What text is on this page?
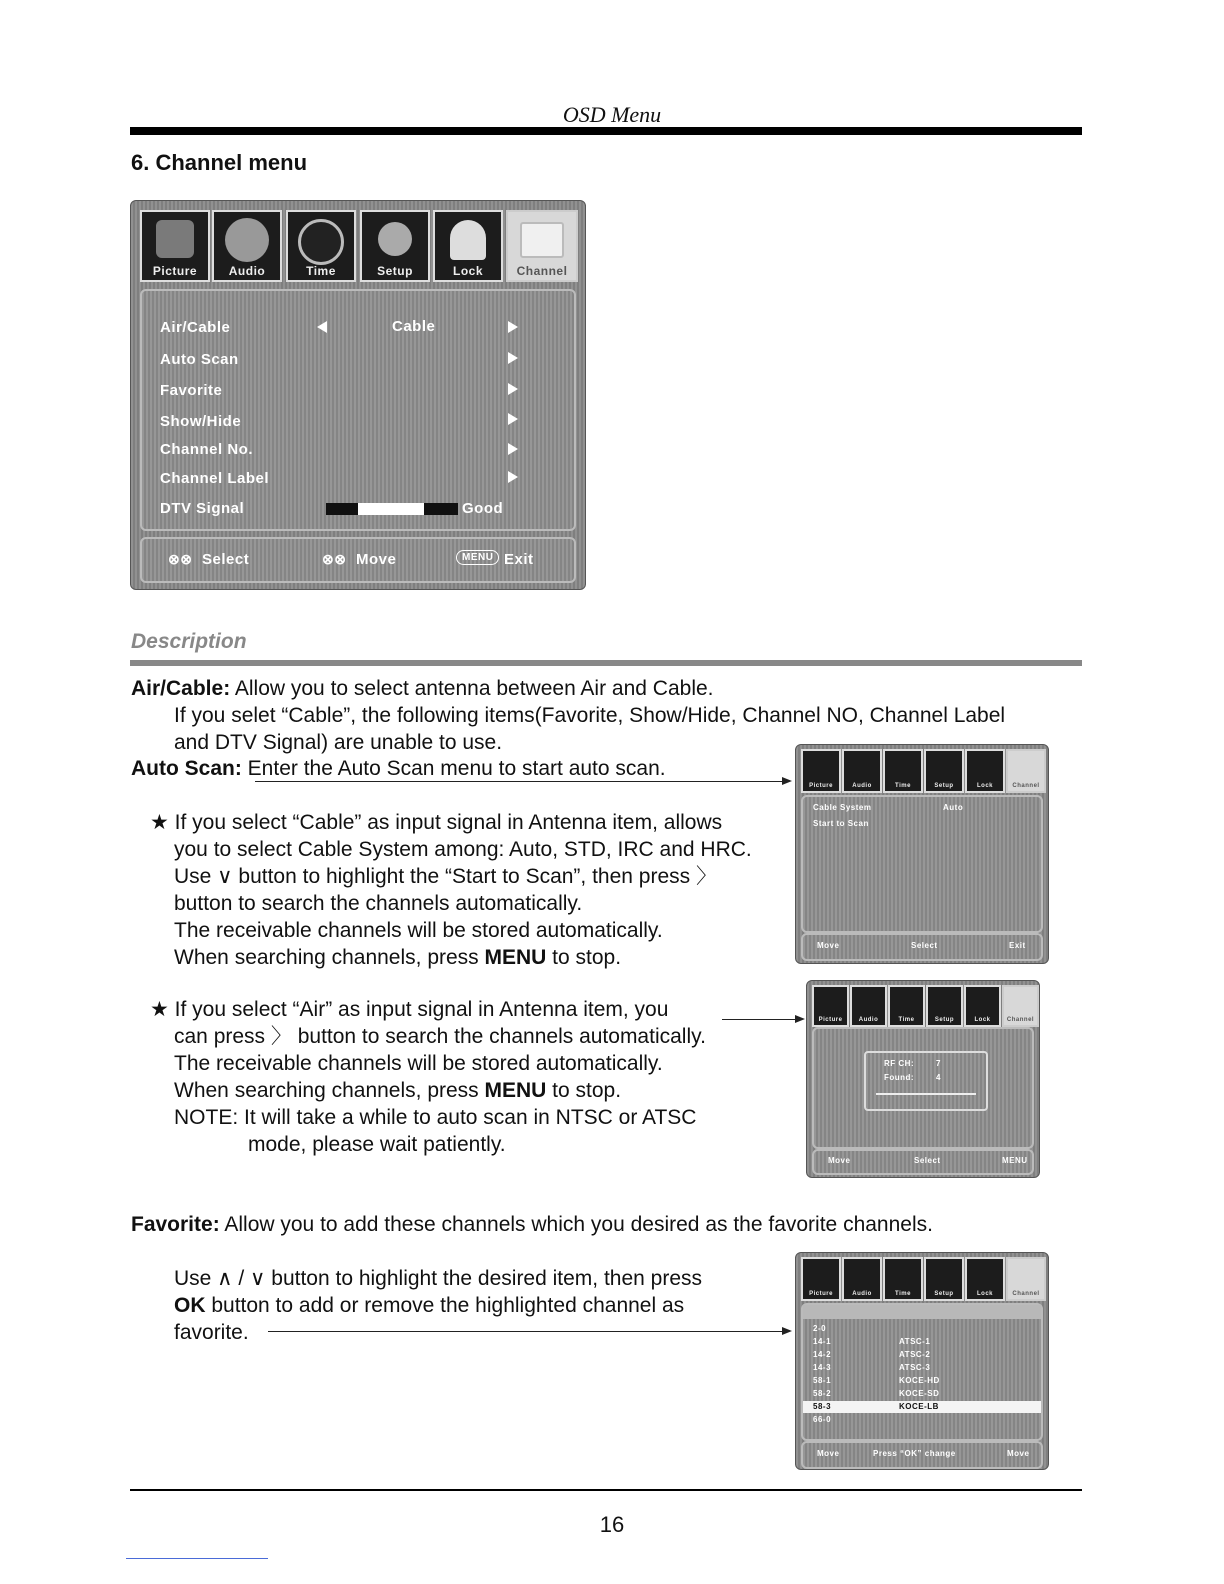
OSD Menu
6. Channel menu
Picture	Audio	Time	Setup	Lock	Channel
Air/Cable	Cable
Auto Scan
Favorite
Show/Hide
Channel No.
Channel Label
DTV Signal	Good
⊗⊗ Select	⊗⊗ Move	MENU Exit
Description
Air/Cable: Allow you to select antenna between Air and Cable.
If you selet “Cable”, the following items(Favorite, Show/Hide, Channel NO, Channel Label
and DTV Signal) are unable to use.
Auto Scan: Enter the Auto Scan menu to start auto scan.
★ If you select “Cable” as input signal in Antenna item, allows
you to select Cable System among: Auto, STD, IRC and HRC.
Use ∨ button to highlight the “Start to Scan”, then press 〉
button to search the channels automatically.
The receivable channels will be stored automatically.
When searching channels, press MENU to stop.
★ If you select “Air” as input signal in Antenna item, you
can press 〉 button to search the channels automatically.
The receivable channels will be stored automatically.
When searching channels, press MENU to stop.
NOTE: It will take a while to auto scan in NTSC or ATSC
mode, please wait patiently.
Favorite: Allow you to add these channels which you desired as the favorite channels.
Use ∧ / ∨ button to highlight the desired item, then press
OK button to add or remove the highlighted channel as
favorite.
Picture	Audio	Time	Setup	Lock	Channel
Cable System	Auto
Start to Scan
Move	Select	Exit
Picture	Audio	Time	Setup	Lock	Channel
RF CH:	7
Found:	4
Move	Select	MENU
Picture	Audio	Time	Setup	Lock	Channel
2-0
14-1	ATSC-1
14-2	ATSC-2
14-3	ATSC-3
58-1	KOCE-HD
58-2	KOCE-SD
58-3	KOCE-LB
66-0
Move	Press “OK” change	Move
16
